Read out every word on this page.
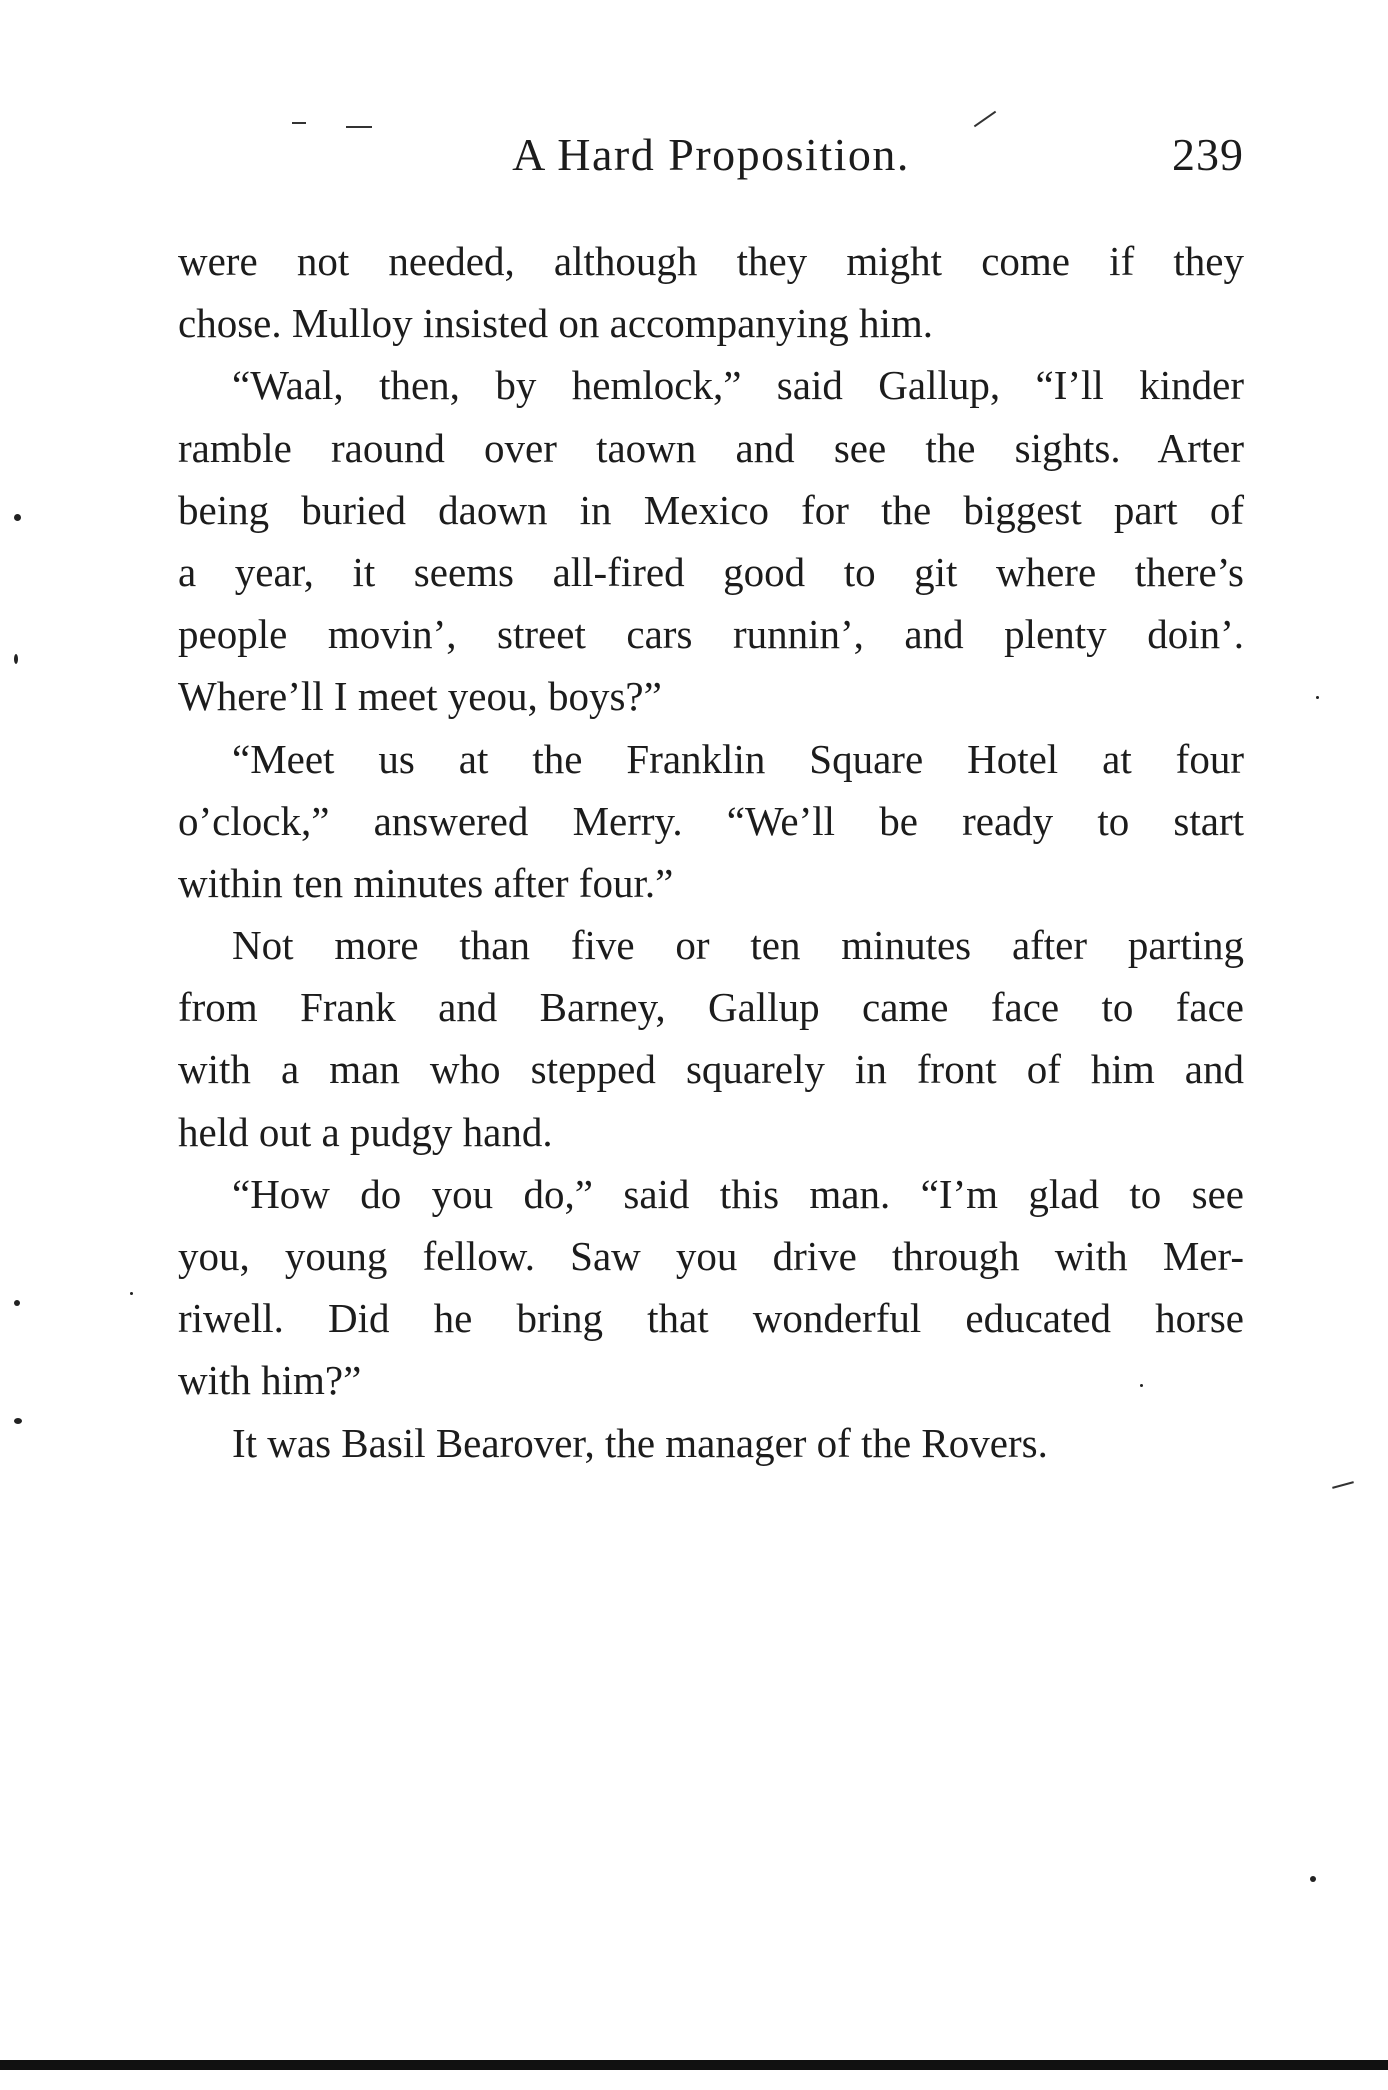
A Hard Proposition.	239
were not needed, although they might come if they
chose. Mulloy insisted on accompanying him.
“Waal, then, by hemlock,” said Gallup, “I’ll kinder
ramble raound over taown and see the sights. Arter
being buried daown in Mexico for the biggest part of
a year, it seems all-fired good to git where there’s
people movin’, street cars runnin’, and plenty doin’.
Where’ll I meet yeou, boys?”
“Meet us at the Franklin Square Hotel at four
o’clock,” answered Merry. “We’ll be ready to start
within ten minutes after four.”
Not more than five or ten minutes after parting
from Frank and Barney, Gallup came face to face
with a man who stepped squarely in front of him and
held out a pudgy hand.
“How do you do,” said this man. “I’m glad to see
you, young fellow. Saw you drive through with Mer-
riwell. Did he bring that wonderful educated horse
with him?”
It was Basil Bearover, the manager of the Rovers.
